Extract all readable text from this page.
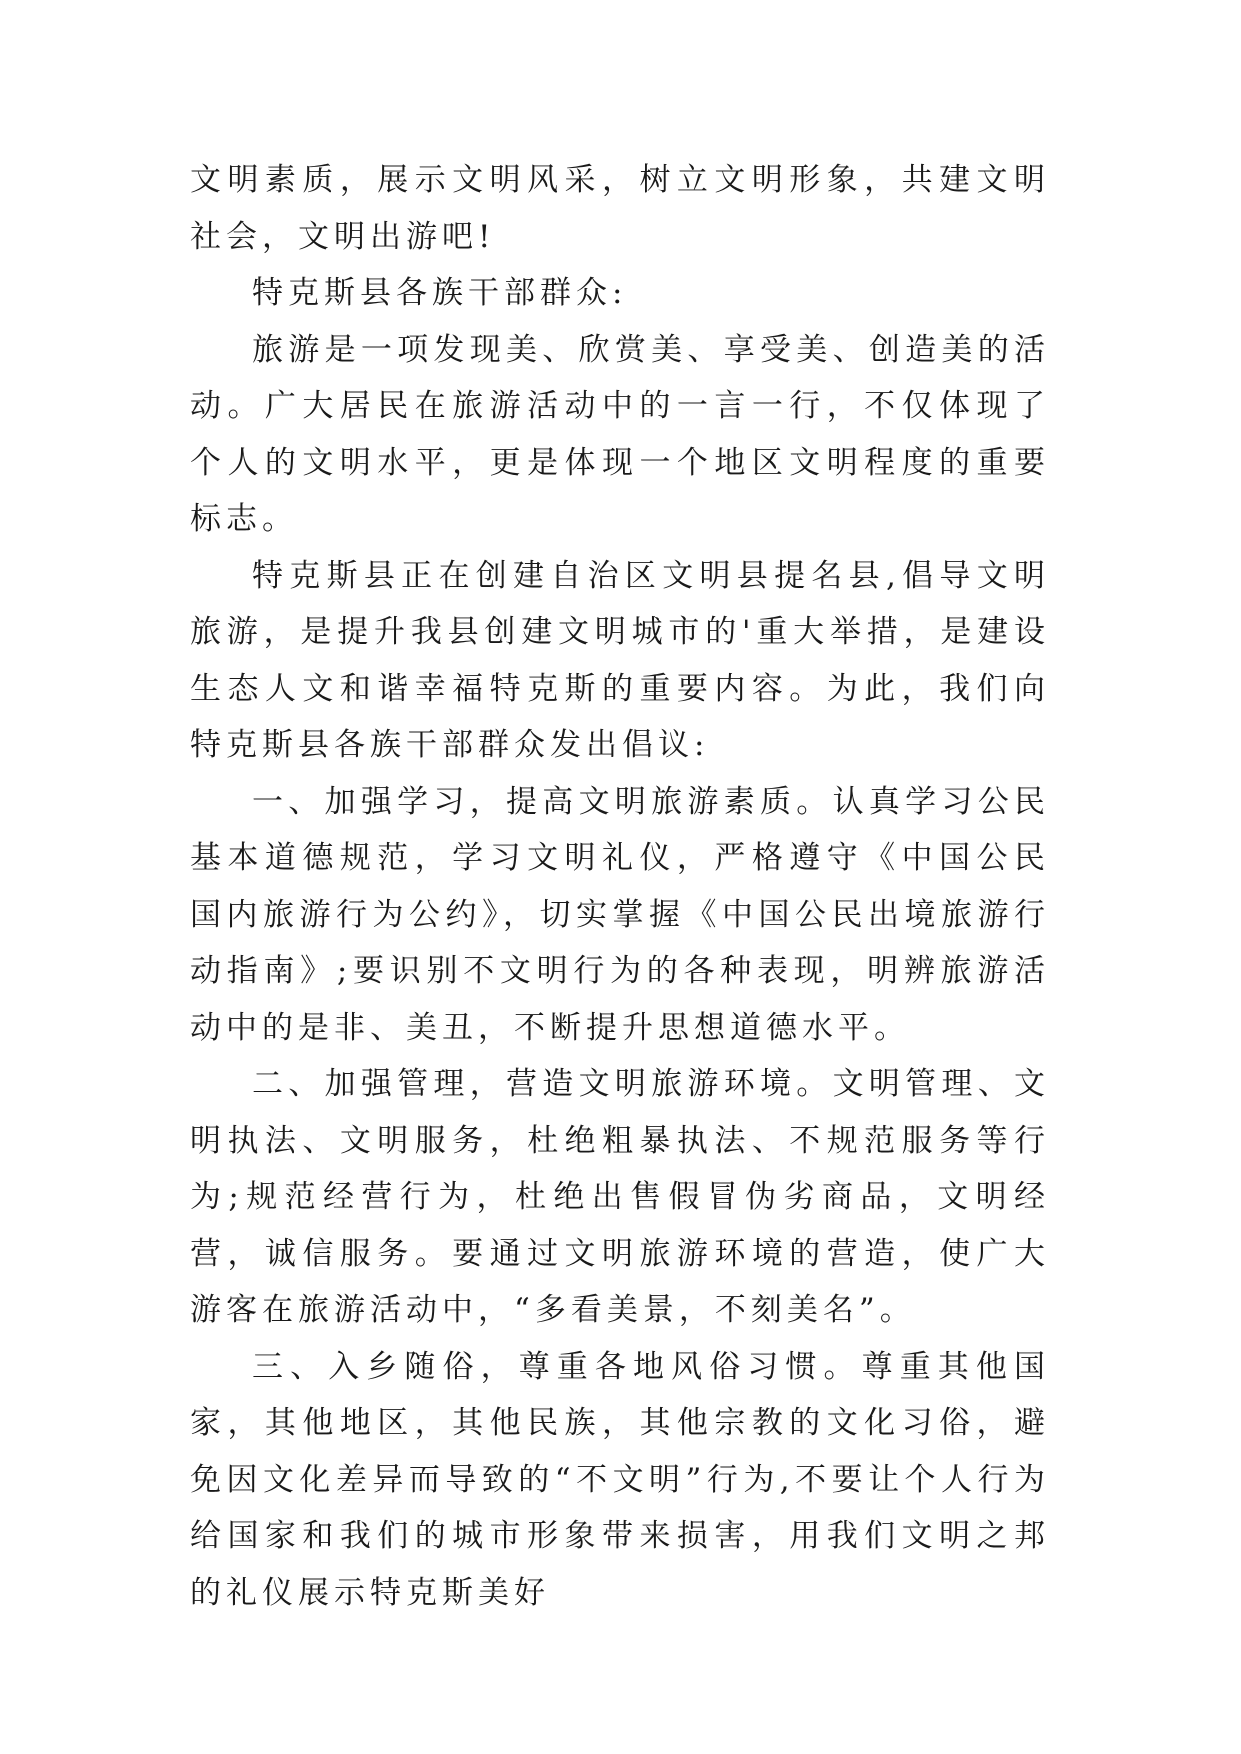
文明素质，展示文明风采，树立文明形象，共建文明社会，文明出游吧!

特克斯县各族干部群众:

旅游是一项发现美、欣赏美、享受美、创造美的活动。广大居民在旅游活动中的一言一行，不仅体现了个人的文明水平，更是体现一个地区文明程度的重要标志。

特克斯县正在创建自治区文明县提名县,倡导文明旅游，是提升我县创建文明城市的'重大举措，是建设生态人文和谐幸福特克斯的重要内容。为此，我们向特克斯县各族干部群众发出倡议:

一、加强学习，提高文明旅游素质。认真学习公民基本道德规范，学习文明礼仪，严格遵守《中国公民国内旅游行为公约》，切实掌握《中国公民出境旅游行动指南》;要识别不文明行为的各种表现，明辨旅游活动中的是非、美丑，不断提升思想道德水平。

二、加强管理，营造文明旅游环境。文明管理、文明执法、文明服务，杜绝粗暴执法、不规范服务等行为;规范经营行为，杜绝出售假冒伪劣商品，文明经营，诚信服务。要通过文明旅游环境的营造，使广大游客在旅游活动中，“多看美景，不刻美名”。

三、入乡随俗，尊重各地风俗习惯。尊重其他国家，其他地区，其他民族，其他宗教的文化习俗，避免因文化差异而导致的“不文明”行为,不要让个人行为给国家和我们的城市形象带来损害，用我们文明之邦的礼仪展示特克斯美好
